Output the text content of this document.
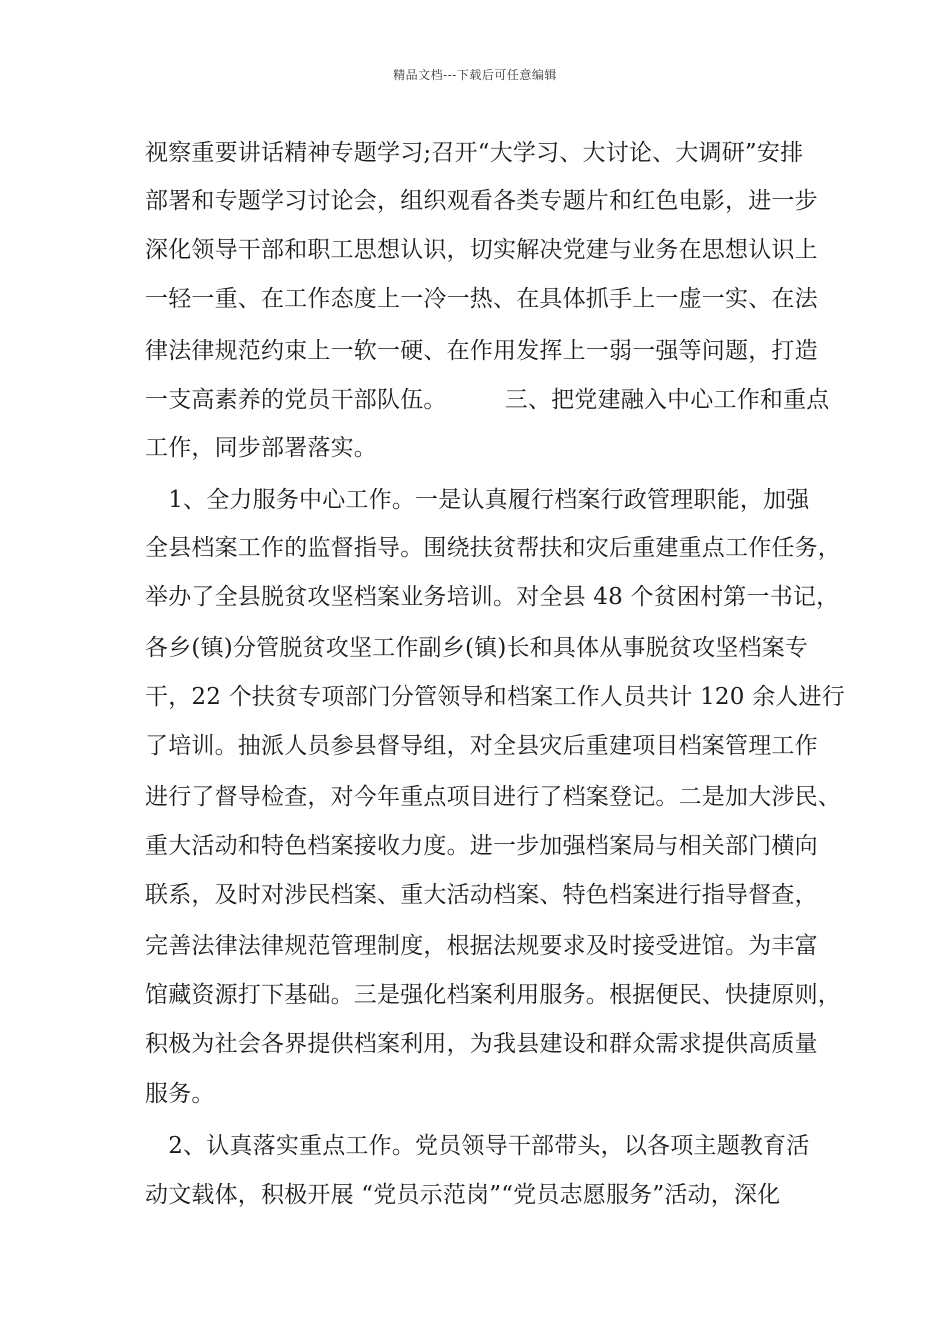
精品文档---下载后可任意编辑
视察重要讲话精神专题学习;召开“大学习、大讨论、大调研”安排
部署和专题学习讨论会，组织观看各类专题片和红色电影，进一步
深化领导干部和职工思想认识，切实解决党建与业务在思想认识上
一轻一重、在工作态度上一冷一热、在具体抓手上一虚一实、在法
律法律规范约束上一软一硬、在作用发挥上一弱一强等问题，打造
一支高素养的党员干部队伍。　　　三、把党建融入中心工作和重点
工作，同步部署落实。
　1、全力服务中心工作。一是认真履行档案行政管理职能，加强
全县档案工作的监督指导。围绕扶贫帮扶和灾后重建重点工作任务，
举办了全县脱贫攻坚档案业务培训。对全县 48 个贫困村第一书记，
各乡(镇)分管脱贫攻坚工作副乡(镇)长和具体从事脱贫攻坚档案专
干，22 个扶贫专项部门分管领导和档案工作人员共计 120 余人进行
了培训。抽派人员参县督导组，对全县灾后重建项目档案管理工作
进行了督导检查，对今年重点项目进行了档案登记。二是加大涉民、
重大活动和特色档案接收力度。进一步加强档案局与相关部门横向
联系，及时对涉民档案、重大活动档案、特色档案进行指导督查，
完善法律法律规范管理制度，根据法规要求及时接受进馆。为丰富
馆藏资源打下基础。三是强化档案利用服务。根据便民、快捷原则，
积极为社会各界提供档案利用，为我县建设和群众需求提供高质量
服务。
　2、认真落实重点工作。党员领导干部带头，以各项主题教育活
动文载体，积极开展 “党员示范岗”“党员志愿服务”活动，深化
